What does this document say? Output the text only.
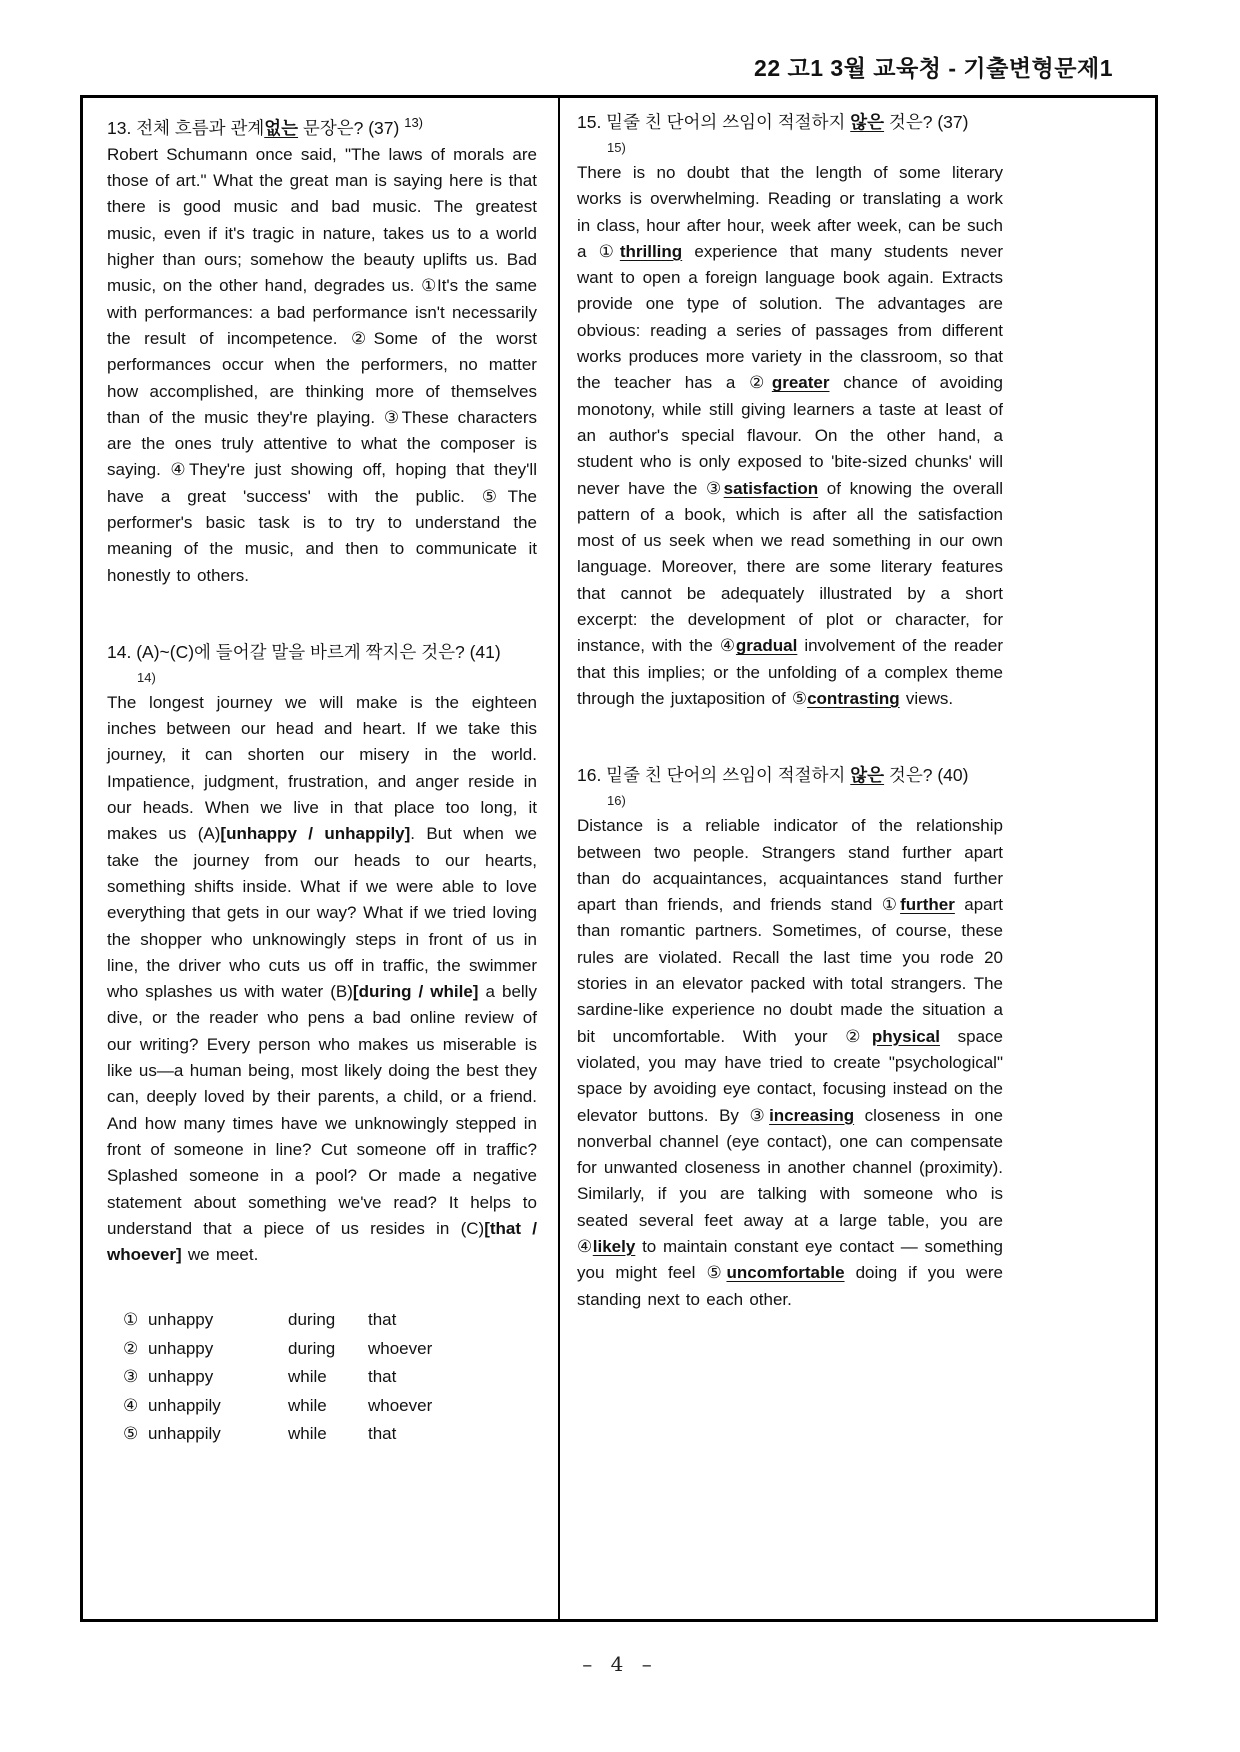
22 고1 3월 교육청 - 기출변형문제1
13. 전체 흐름과 관계없는 문장은? (37) $^{13)}$
Robert Schumann once said, "The laws of morals are those of art." What the great man is saying here is that there is good music and bad music. The greatest music, even if it's tragic in nature, takes us to a world higher than ours; somehow the beauty uplifts us. Bad music, on the other hand, degrades us. ①It's the same with performances: a bad performance isn't necessarily the result of incompetence. ②Some of the worst performances occur when the performers, no matter how accomplished, are thinking more of themselves than of the music they're playing. ③These characters are the ones truly attentive to what the composer is saying. ④They're just showing off, hoping that they'll have a great 'success' with the public. ⑤The performer's basic task is to try to understand the meaning of the music, and then to communicate it honestly to others.
14. (A)~(C)에 들어갈 말을 바르게 짝지은 것은? (41)
14)
The longest journey we will make is the eighteen inches between our head and heart. If we take this journey, it can shorten our misery in the world. Impatience, judgment, frustration, and anger reside in our heads. When we live in that place too long, it makes us (A)[unhappy / unhappily]. But when we take the journey from our heads to our hearts, something shifts inside. What if we were able to love everything that gets in our way? What if we tried loving the shopper who unknowingly steps in front of us in line, the driver who cuts us off in traffic, the swimmer who splashes us with water (B)[during / while] a belly dive, or the reader who pens a bad online review of our writing? Every person who makes us miserable is like us—a human being, most likely doing the best they can, deeply loved by their parents, a child, or a friend. And how many times have we unknowingly stepped in front of someone in line? Cut someone off in traffic? Splashed someone in a pool? Or made a negative statement about something we've read? It helps to understand that a piece of us resides in (C)[that / whoever] we meet.
① unhappy	during	that
② unhappy	during	whoever
③ unhappy	while	that
④ unhappily	while	whoever
⑤ unhappily	while	that
15. 밑줄 친 단어의 쓰임이 적절하지 않은 것은? (37)
15)
There is no doubt that the length of some literary works is overwhelming. Reading or translating a work in class, hour after hour, week after week, can be such a ①thrilling experience that many students never want to open a foreign language book again. Extracts provide one type of solution. The advantages are obvious: reading a series of passages from different works produces more variety in the classroom, so that the teacher has a ②greater chance of avoiding monotony, while still giving learners a taste at least of an author's special flavour. On the other hand, a student who is only exposed to 'bite-sized chunks' will never have the ③satisfaction of knowing the overall pattern of a book, which is after all the satisfaction most of us seek when we read something in our own language. Moreover, there are some literary features that cannot be adequately illustrated by a short excerpt: the development of plot or character, for instance, with the ④gradual involvement of the reader that this implies; or the unfolding of a complex theme through the juxtaposition of ⑤contrasting views.
16. 밑줄 친 단어의 쓰임이 적절하지 않은 것은? (40)
16)
Distance is a reliable indicator of the relationship between two people. Strangers stand further apart than do acquaintances, acquaintances stand further apart than friends, and friends stand ①further apart than romantic partners. Sometimes, of course, these rules are violated. Recall the last time you rode 20 stories in an elevator packed with total strangers. The sardine-like experience no doubt made the situation a bit uncomfortable. With your ②physical space violated, you may have tried to create "psychological" space by avoiding eye contact, focusing instead on the elevator buttons. By ③increasing closeness in one nonverbal channel (eye contact), one can compensate for unwanted closeness in another channel (proximity). Similarly, if you are talking with someone who is seated several feet away at a large table, you are ④likely to maintain constant eye contact — something you might feel ⑤uncomfortable doing if you were standing next to each other.
– 4 –
